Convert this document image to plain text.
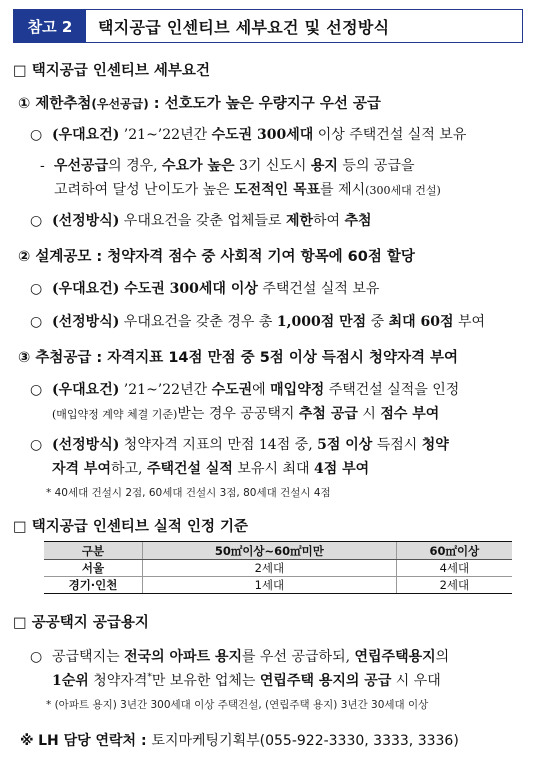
참고 2	택지공급 인센티브 세부요건 및 선정방식
□ 택지공급 인센티브 세부요건
① 제한추첨(우선공급) : 선호도가 높은 우량지구 우선 공급
○ (우대요건) ’21~’22년간 수도권 300세대 이상 주택건설 실적 보유
- 우선공급의 경우, 수요가 높은 3기 신도시 용지 등의 공급을
고려하여 달성 난이도가 높은 도전적인 목표를 제시(300세대 건설)
○ (선정방식) 우대요건을 갖춘 업체들로 제한하여 추첨
② 설계공모 : 청약자격 점수 중 사회적 기여 항목에 60점 할당
○ (우대요건) 수도권 300세대 이상 주택건설 실적 보유
○ (선정방식) 우대요건을 갖춘 경우 총 1,000점 만점 중 최대 60점 부여
③ 추첨공급 : 자격지표 14점 만점 중 5점 이상 득점시 청약자격 부여
○ (우대요건) ’21~’22년간 수도권에 매입약정 주택건설 실적을 인정
(매입약정 계약 체결 기준)받는 경우 공공택지 추첨 공급 시 점수 부여
○ (선정방식) 청약자격 지표의 만점 14점 중, 5점 이상 득점시 청약
자격 부여하고, 주택건설 실적 보유시 최대 4점 부여
* 40세대 건설시 2점, 60세대 건설시 3점, 80세대 건설시 4점
□ 택지공급 인센티브 실적 인정 기준
구분	50㎡이상~60㎡미만	60㎡이상
서울	2세대	4세대
경기·인천	1세대	2세대
□ 공공택지 공급용지
○ 공급택지는 전국의 아파트 용지를 우선 공급하되, 연립주택용지의
1순위 청약자격*만 보유한 업체는 연립주택 용지의 공급 시 우대
* (아파트 용지) 3년간 300세대 이상 주택건설, (연립주택 용지) 3년간 30세대 이상
※ LH 담당 연락처 : 토지마케팅기획부(055-922-3330, 3333, 3336)
